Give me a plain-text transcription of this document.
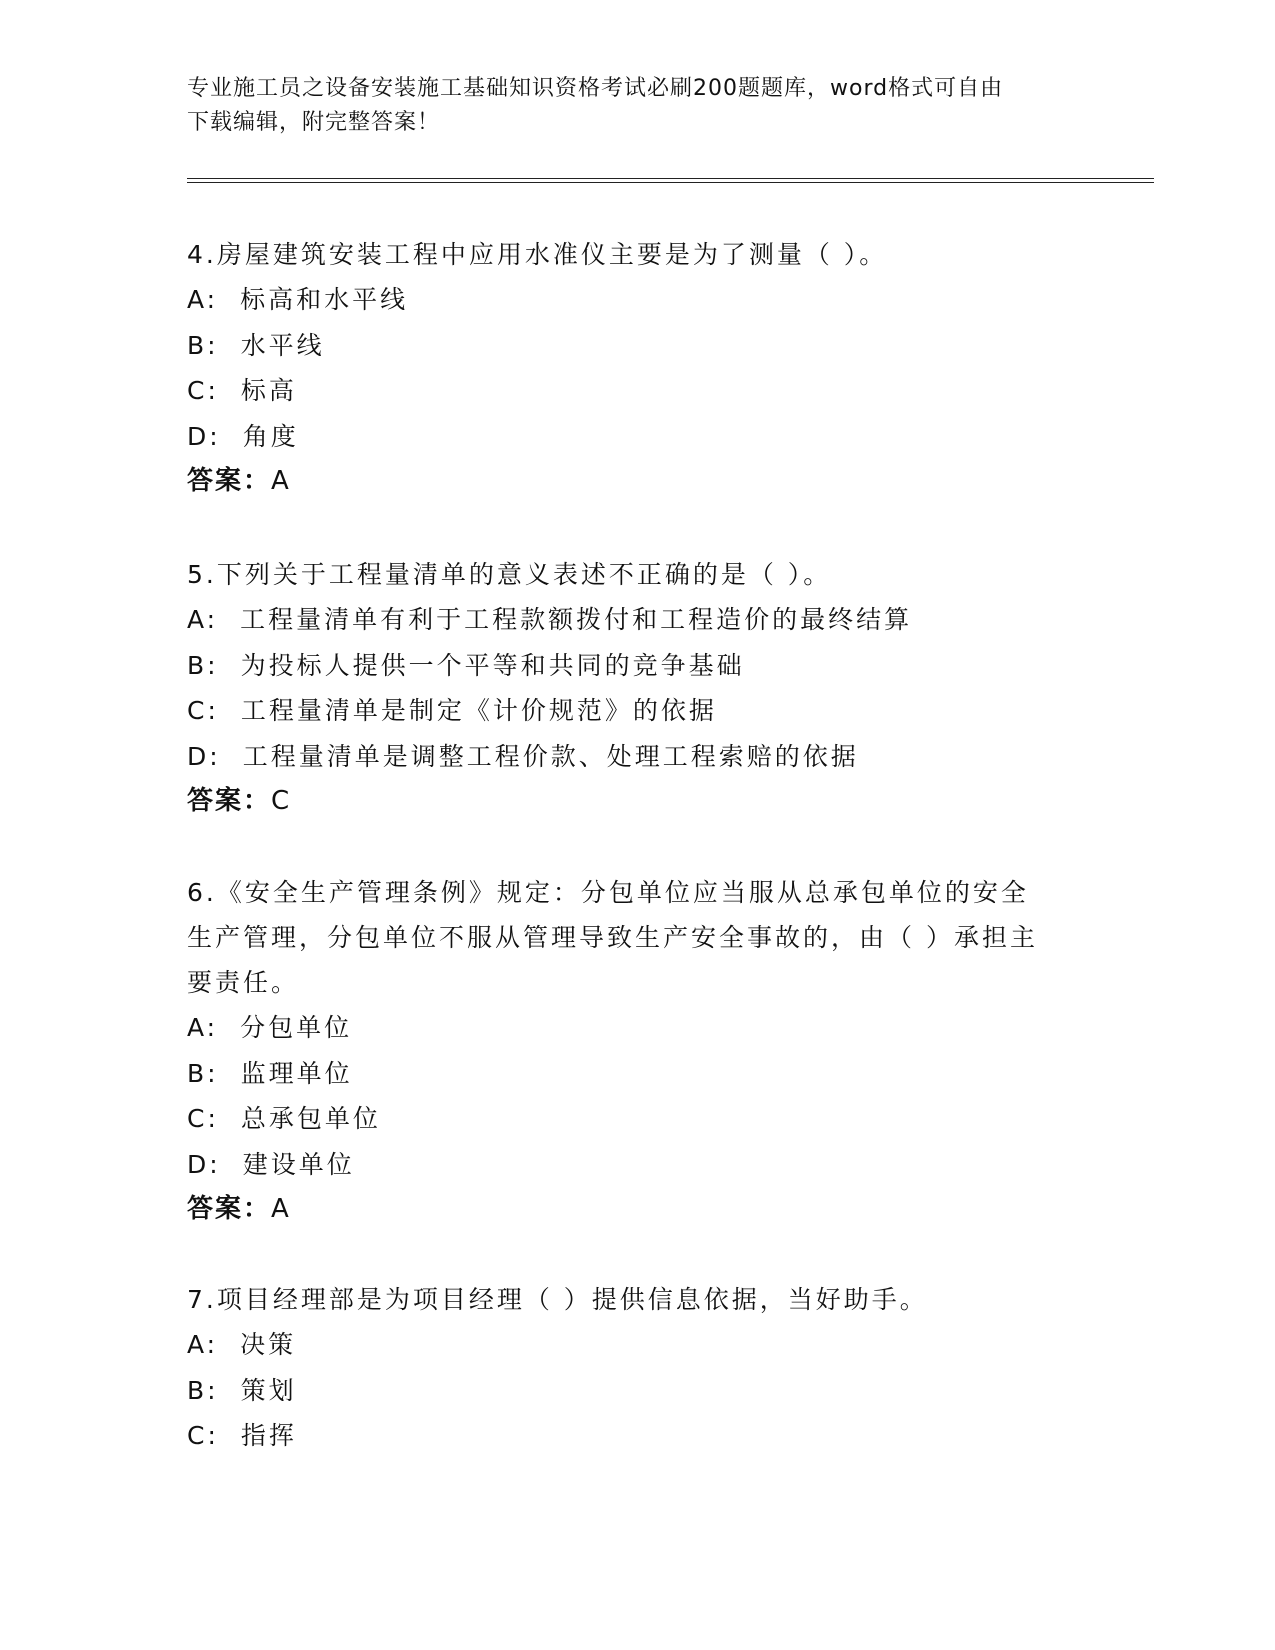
专业施工员之设备安装施工基础知识资格考试必刷200题题库，word格式可自由
下载编辑，附完整答案！
4.房屋建筑安装工程中应用水准仪主要是为了测量（ ）。
A: 标高和水平线
B: 水平线
C: 标高
D: 角度
答案：A
5.下列关于工程量清单的意义表述不正确的是（ ）。
A: 工程量清单有利于工程款额拨付和工程造价的最终结算
B: 为投标人提供一个平等和共同的竞争基础
C: 工程量清单是制定《计价规范》的依据
D: 工程量清单是调整工程价款、处理工程索赔的依据
答案：C
6.《安全生产管理条例》规定：分包单位应当服从总承包单位的安全
生产管理，分包单位不服从管理导致生产安全事故的，由（ ）承担主
要责任。
A: 分包单位
B: 监理单位
C: 总承包单位
D: 建设单位
答案：A
7.项目经理部是为项目经理（ ）提供信息依据，当好助手。
A: 决策
B: 策划
C: 指挥
